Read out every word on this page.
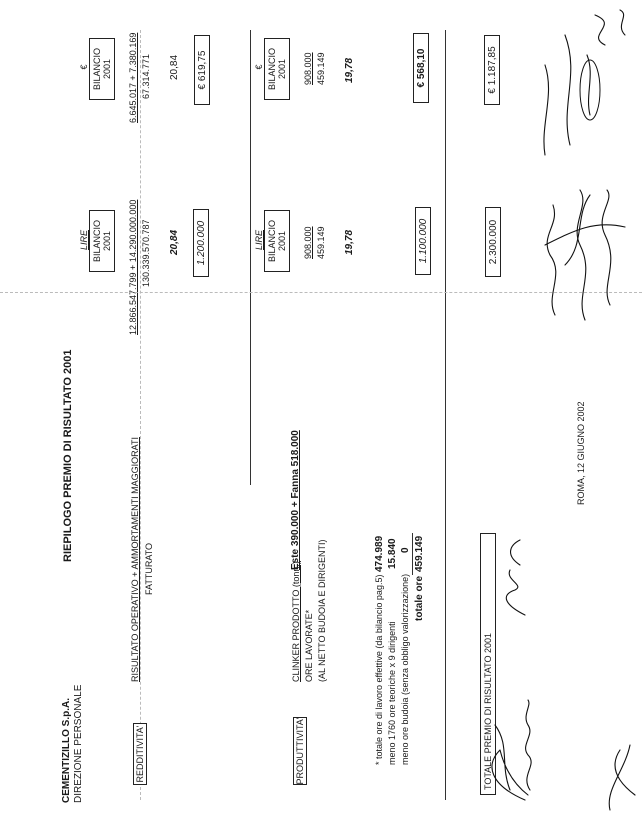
CEMENTIZILLO S.p.A. DIREZIONE PERSONALE
RIEPILOGO PREMIO DI RISULTATO 2001
LIRE BILANCIO 2001
€ BILANCIO 2001
REDDITIVITA'
RISULTATO OPERATIVO + AMMORTAMENTI MAGGIORATI FATTURATO
12.866.547.799 + 14.290.000.000 130.339.570.787 20,84 1.200.000
6.645.017 + 7.380.169 67.314.771 20,84 € 619,75
LIRE BILANCIO 2001
€ BILANCIO 2001
PRODUTTIVITA'
CLINKER PRODOTTO (tonn.)
Este 390.000 + Fanna 518.000
ORE LAVORATE* (AL NETTO BUDOIA E DIRIGENTI)
908.000 459.149 19,78	1.100.000
908.000 459.149 19,78	€ 568,10
* totale ore di lavoro effettive (da bilancio pag.5)
474.989
meno 1760 ore teoriche x 9 dirigenti
15.840
meno ore budoia (senza obbligo valorizzazione)
0
totale ore
459.149
TOTALE PREMIO DI RISULTATO 2001
2.300.000
€ 1.187,85
ROMA, 12 GIUGNO 2002
